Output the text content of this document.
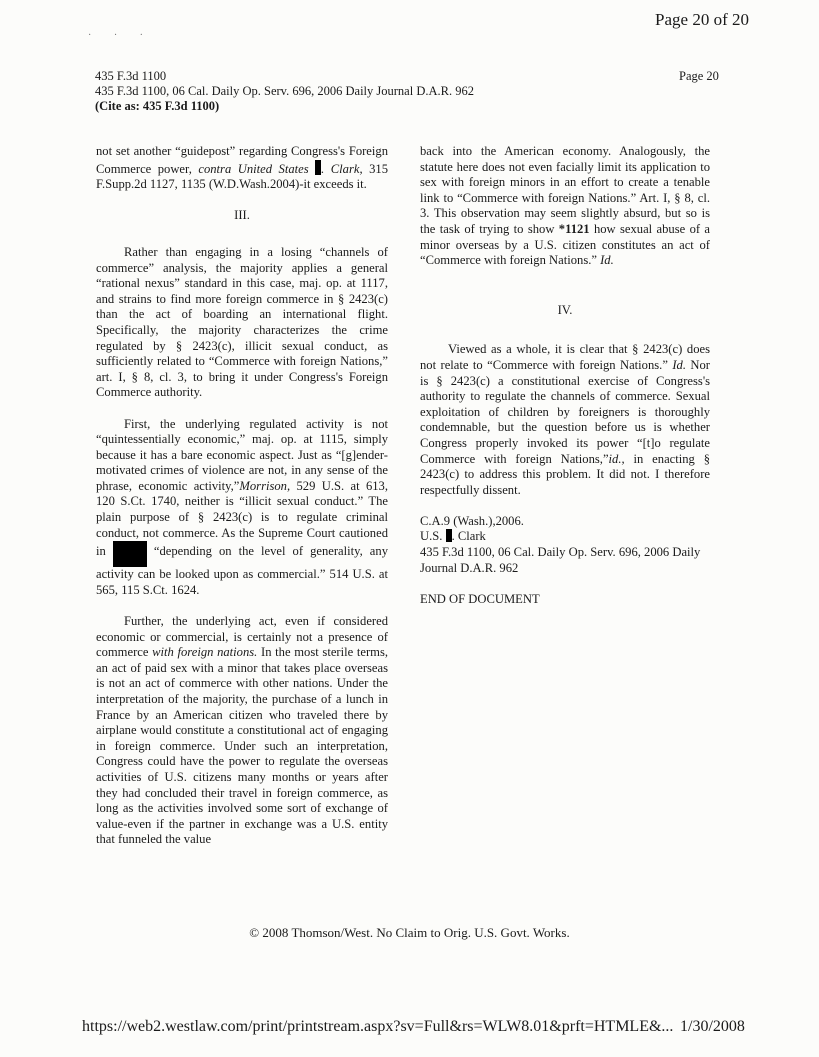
Page 20 of 20
· · ·
435 F.3d 1100
435 F.3d 1100, 06 Cal. Daily Op. Serv. 696, 2006 Daily Journal D.A.R. 962
(Cite as: 435 F.3d 1100)
Page 20

not set another “guidepost” regarding Congress's Foreign Commerce power, contra United States . Clark, 315 F.Supp.2d 1127, 1135 (W.D.Wash.2004)-it exceeds it.

III.

Rather than engaging in a losing “channels of commerce” analysis, the majority applies a general “rational nexus” standard in this case, maj. op. at 1117, and strains to find more foreign commerce in § 2423(c) than the act of boarding an international flight. Specifically, the majority characterizes the crime regulated by § 2423(c), illicit sexual conduct, as sufficiently related to “Commerce with foreign Nations,” art. I, § 8, cl. 3, to bring it under Congress's Foreign Commerce authority.

First, the underlying regulated activity is not “quintessentially economic,” maj. op. at 1115, simply because it has a bare economic aspect. Just as “[g]ender-motivated crimes of violence are not, in any sense of the phrase, economic activity,”Morrison, 529 U.S. at 613, 120 S.Ct. 1740, neither is “illicit sexual conduct.” The plain purpose of § 2423(c) is to regulate criminal conduct, not commerce. As the Supreme Court cautioned in	“depending on the level of generality, any activity can be looked upon as commercial.” 514 U.S. at 565, 115 S.Ct. 1624.

Further, the underlying act, even if considered economic or commercial, is certainly not a presence of commerce with foreign nations. In the most sterile terms, an act of paid sex with a minor that takes place overseas is not an act of commerce with other nations. Under the interpretation of the majority, the purchase of a lunch in France by an American citizen who traveled there by airplane would constitute a constitutional act of engaging in foreign commerce. Under such an interpretation, Congress could have the power to regulate the overseas activities of U.S. citizens many months or years after they had concluded their travel in foreign commerce, as long as the activities involved some sort of exchange of value-even if the partner in exchange was a U.S. entity that funneled the value

back into the American economy. Analogously, the statute here does not even facially limit its application to sex with foreign minors in an effort to create a tenable link to “Commerce with foreign Nations.” Art. I, § 8, cl. 3. This observation may seem slightly absurd, but so is the task of trying to show *1121 how sexual abuse of a minor overseas by a U.S. citizen constitutes an act of “Commerce with foreign Nations.” Id.

IV.

Viewed as a whole, it is clear that § 2423(c) does not relate to “Commerce with foreign Nations.” Id. Nor is § 2423(c) a constitutional exercise of Congress's authority to regulate the channels of commerce. Sexual exploitation of children by foreigners is thoroughly condemnable, but the question before us is whether Congress properly invoked its power “[t]o regulate Commerce with foreign Nations,”id., in enacting § 2423(c) to address this problem. It did not. I therefore respectfully dissent.

C.A.9 (Wash.),2006.
U.S. . Clark
435 F.3d 1100, 06 Cal. Daily Op. Serv. 696, 2006 Daily Journal D.A.R. 962

END OF DOCUMENT

© 2008 Thomson/West. No Claim to Orig. U.S. Govt. Works.
https://web2.westlaw.com/print/printstream.aspx?sv=Full&rs=WLW8.01&prft=HTMLE&... 1/30/2008
